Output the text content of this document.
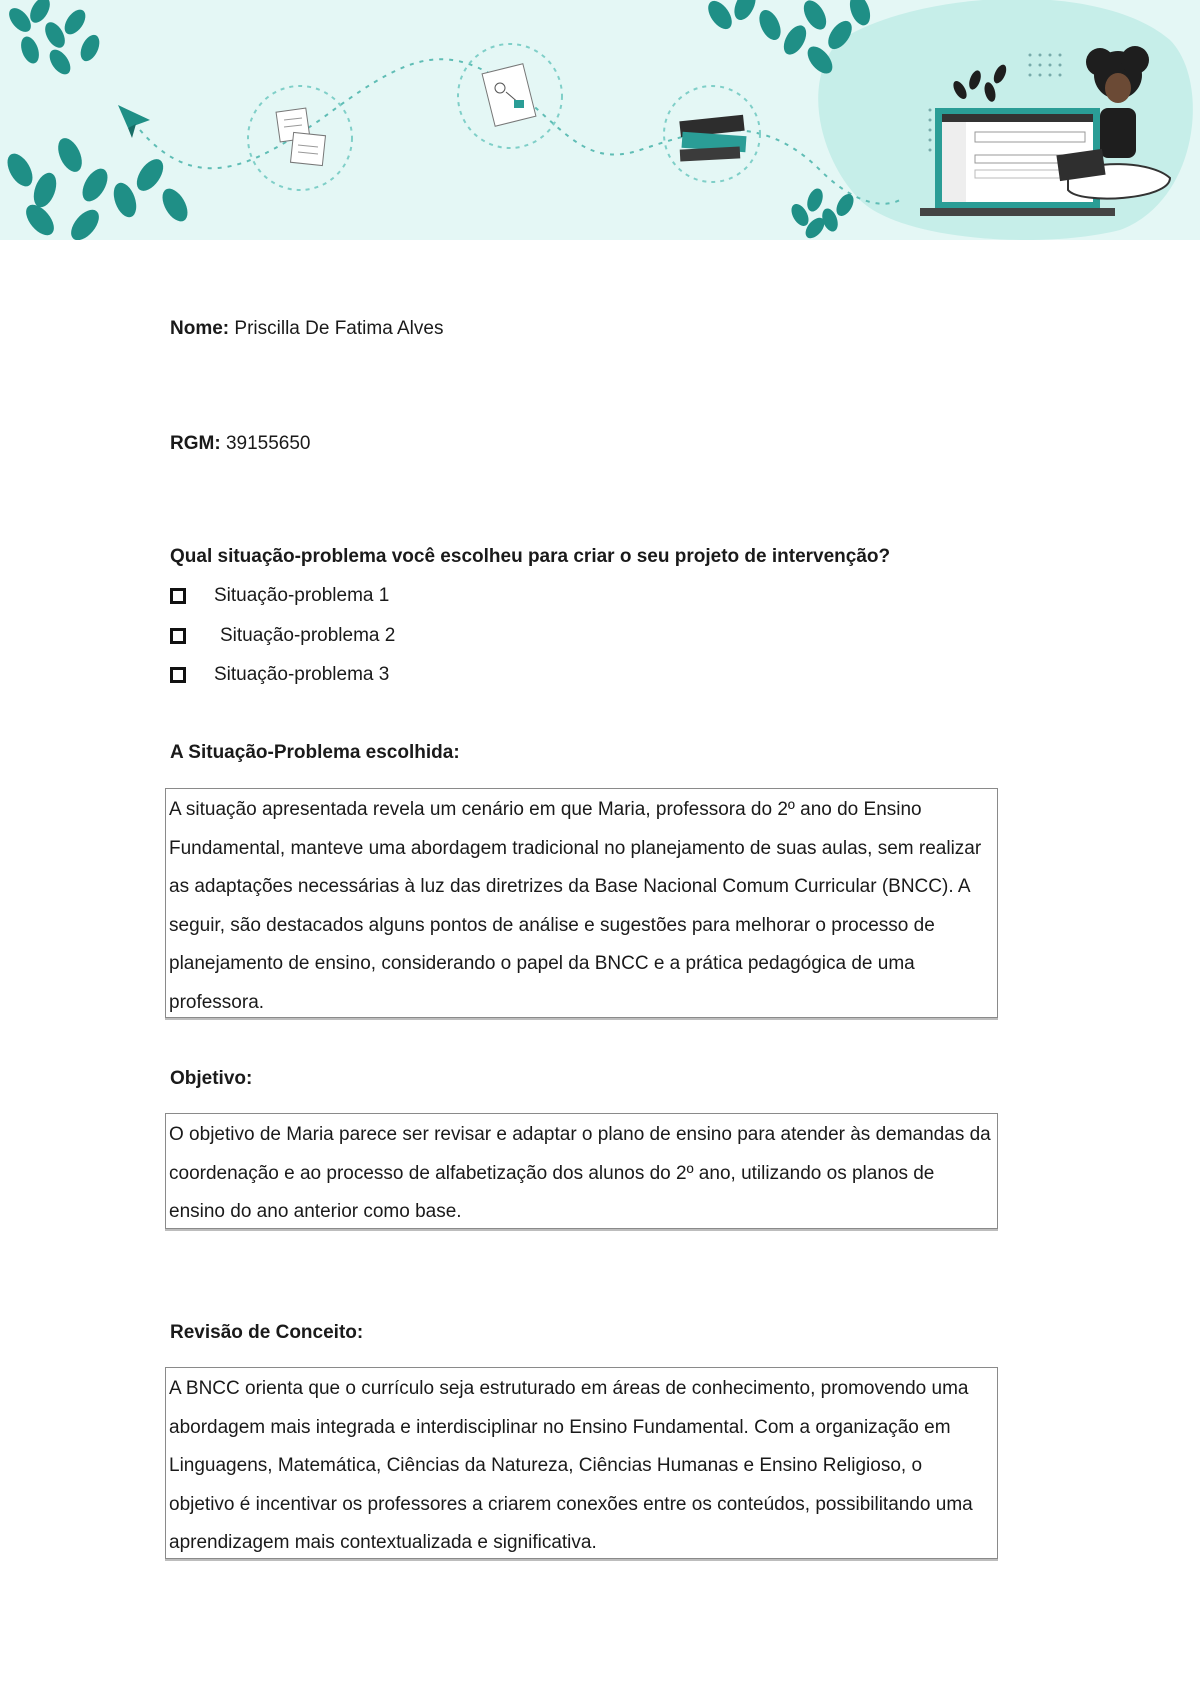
Nome: Priscilla De Fatima Alves
RGM: 39155650
Qual situação-problema você escolheu para criar o seu projeto de intervenção?
Situação-problema 1
Situação-problema 2
Situação-problema 3
A Situação-Problema escolhida:
A situação apresentada revela um cenário em que Maria, professora do 2º ano do Ensino Fundamental, manteve uma abordagem tradicional no planejamento de suas aulas, sem realizar as adaptações necessárias à luz das diretrizes da Base Nacional Comum Curricular (BNCC). A seguir, são destacados alguns pontos de análise e sugestões para melhorar o processo de planejamento de ensino, considerando o papel da BNCC e a prática pedagógica de uma professora.
Objetivo:
O objetivo de Maria parece ser revisar e adaptar o plano de ensino para atender às demandas da coordenação e ao processo de alfabetização dos alunos do 2º ano, utilizando os planos de ensino do ano anterior como base.
Revisão de Conceito:
A BNCC orienta que o currículo seja estruturado em áreas de conhecimento, promovendo uma abordagem mais integrada e interdisciplinar no Ensino Fundamental. Com a organização em Linguagens, Matemática, Ciências da Natureza, Ciências Humanas e Ensino Religioso, o objetivo é incentivar os professores a criarem conexões entre os conteúdos, possibilitando uma aprendizagem mais contextualizada e significativa.
